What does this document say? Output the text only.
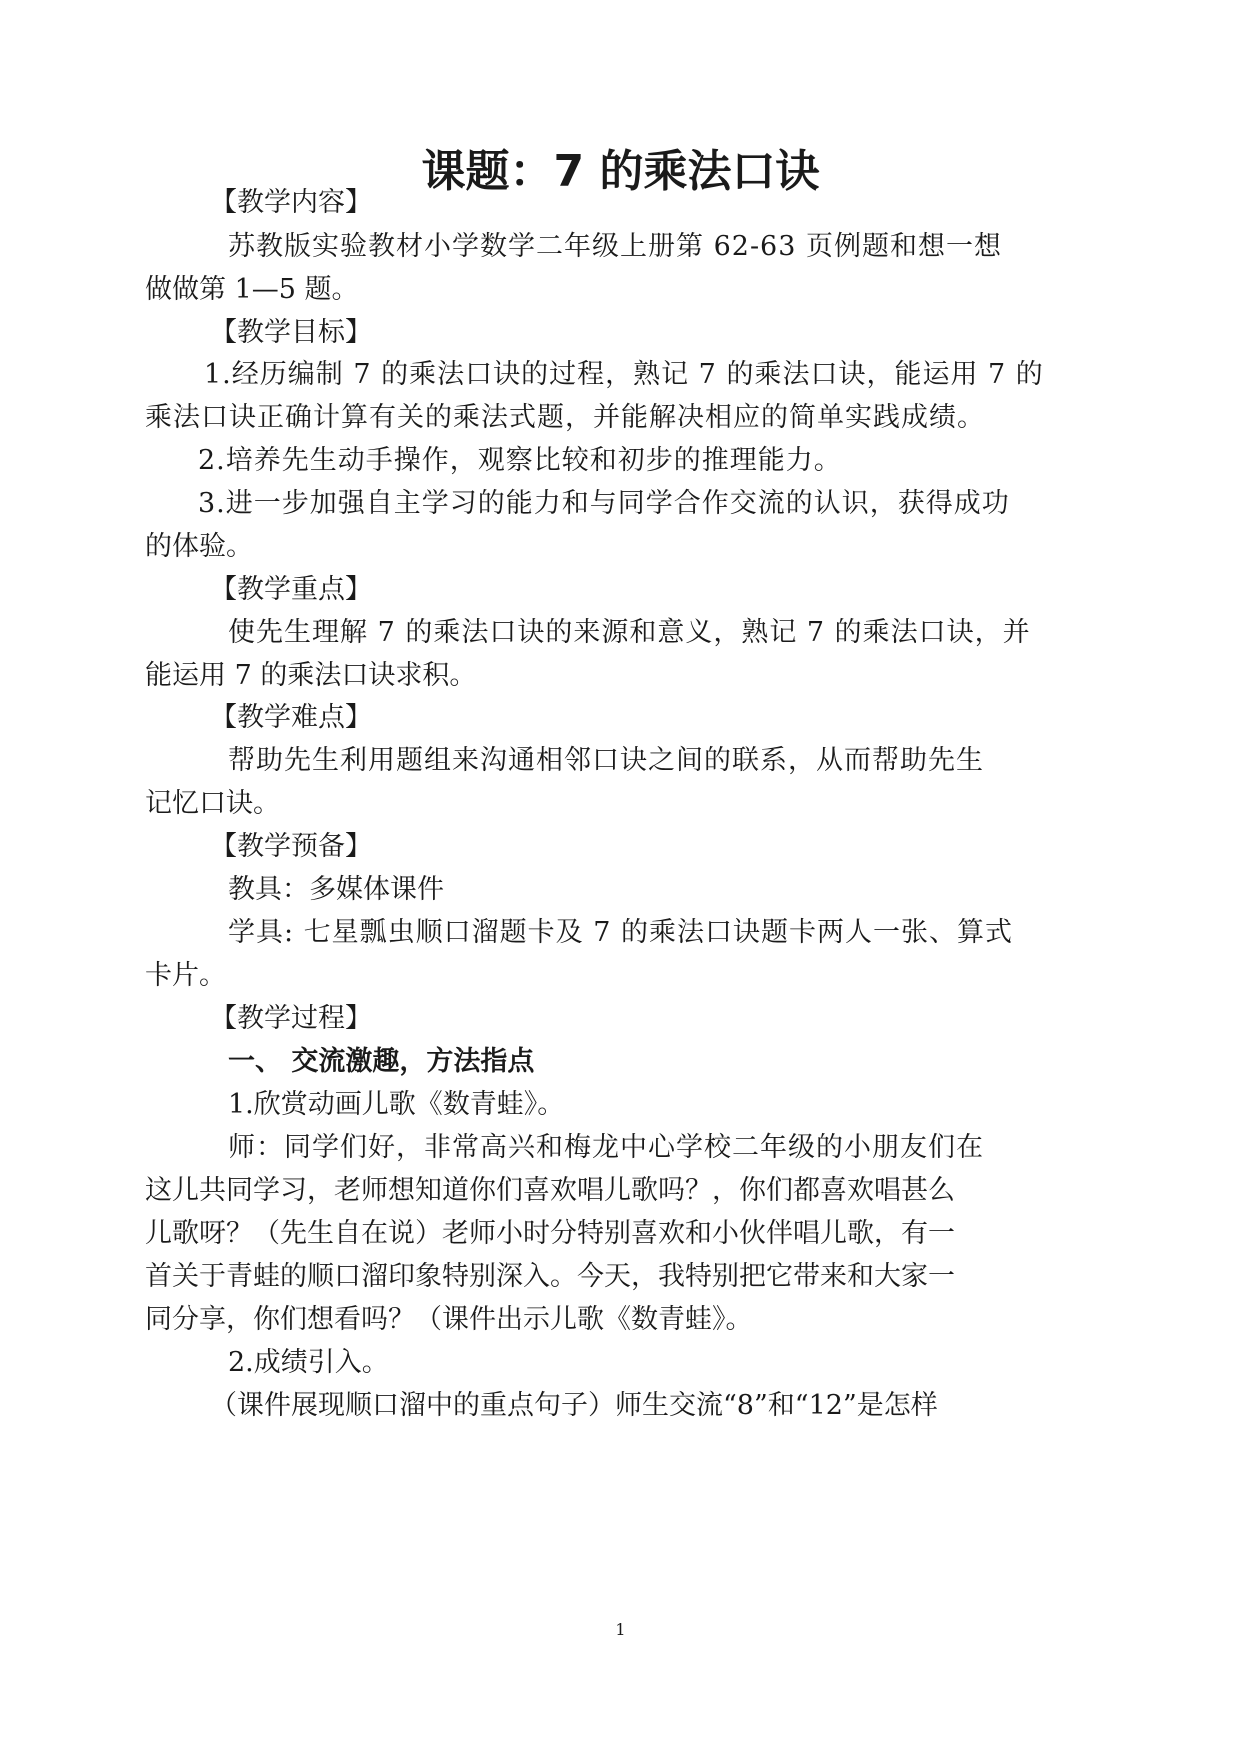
课题：7 的乘法口诀

【教学内容】

苏教版实验教材小学数学二年级上册第 62-63 页例题和想一想

做做第 1—5 题。

【教学目标】

1.经历编制 7 的乘法口诀的过程，熟记 7 的乘法口诀，能运用 7 的

乘法口诀正确计算有关的乘法式题，并能解决相应的简单实践成绩。

2.培养先生动手操作，观察比较和初步的推理能力。

3.进一步加强自主学习的能力和与同学合作交流的认识，获得成功

的体验。

【教学重点】

使先生理解 7 的乘法口诀的来源和意义，熟记 7 的乘法口诀，并

能运用 7 的乘法口诀求积。

【教学难点】

帮助先生利用题组来沟通相邻口诀之间的联系，从而帮助先生

记忆口诀。

【教学预备】

教具：多媒体课件

学具: 七星瓢虫顺口溜题卡及 7 的乘法口诀题卡两人一张、算式

卡片。

【教学过程】

一、 交流激趣，方法指点

1.欣赏动画儿歌《数青蛙》。

师：同学们好，非常高兴和梅龙中心学校二年级的小朋友们在

这儿共同学习，老师想知道你们喜欢唱儿歌吗？，你们都喜欢唱甚么

儿歌呀？（先生自在说）老师小时分特别喜欢和小伙伴唱儿歌，有一

首关于青蛙的顺口溜印象特别深入。今天，我特别把它带来和大家一

同分享，你们想看吗？（课件出示儿歌《数青蛙》。

2.成绩引入。

（课件展现顺口溜中的重点句子）师生交流“8”和“12”是怎样

1
